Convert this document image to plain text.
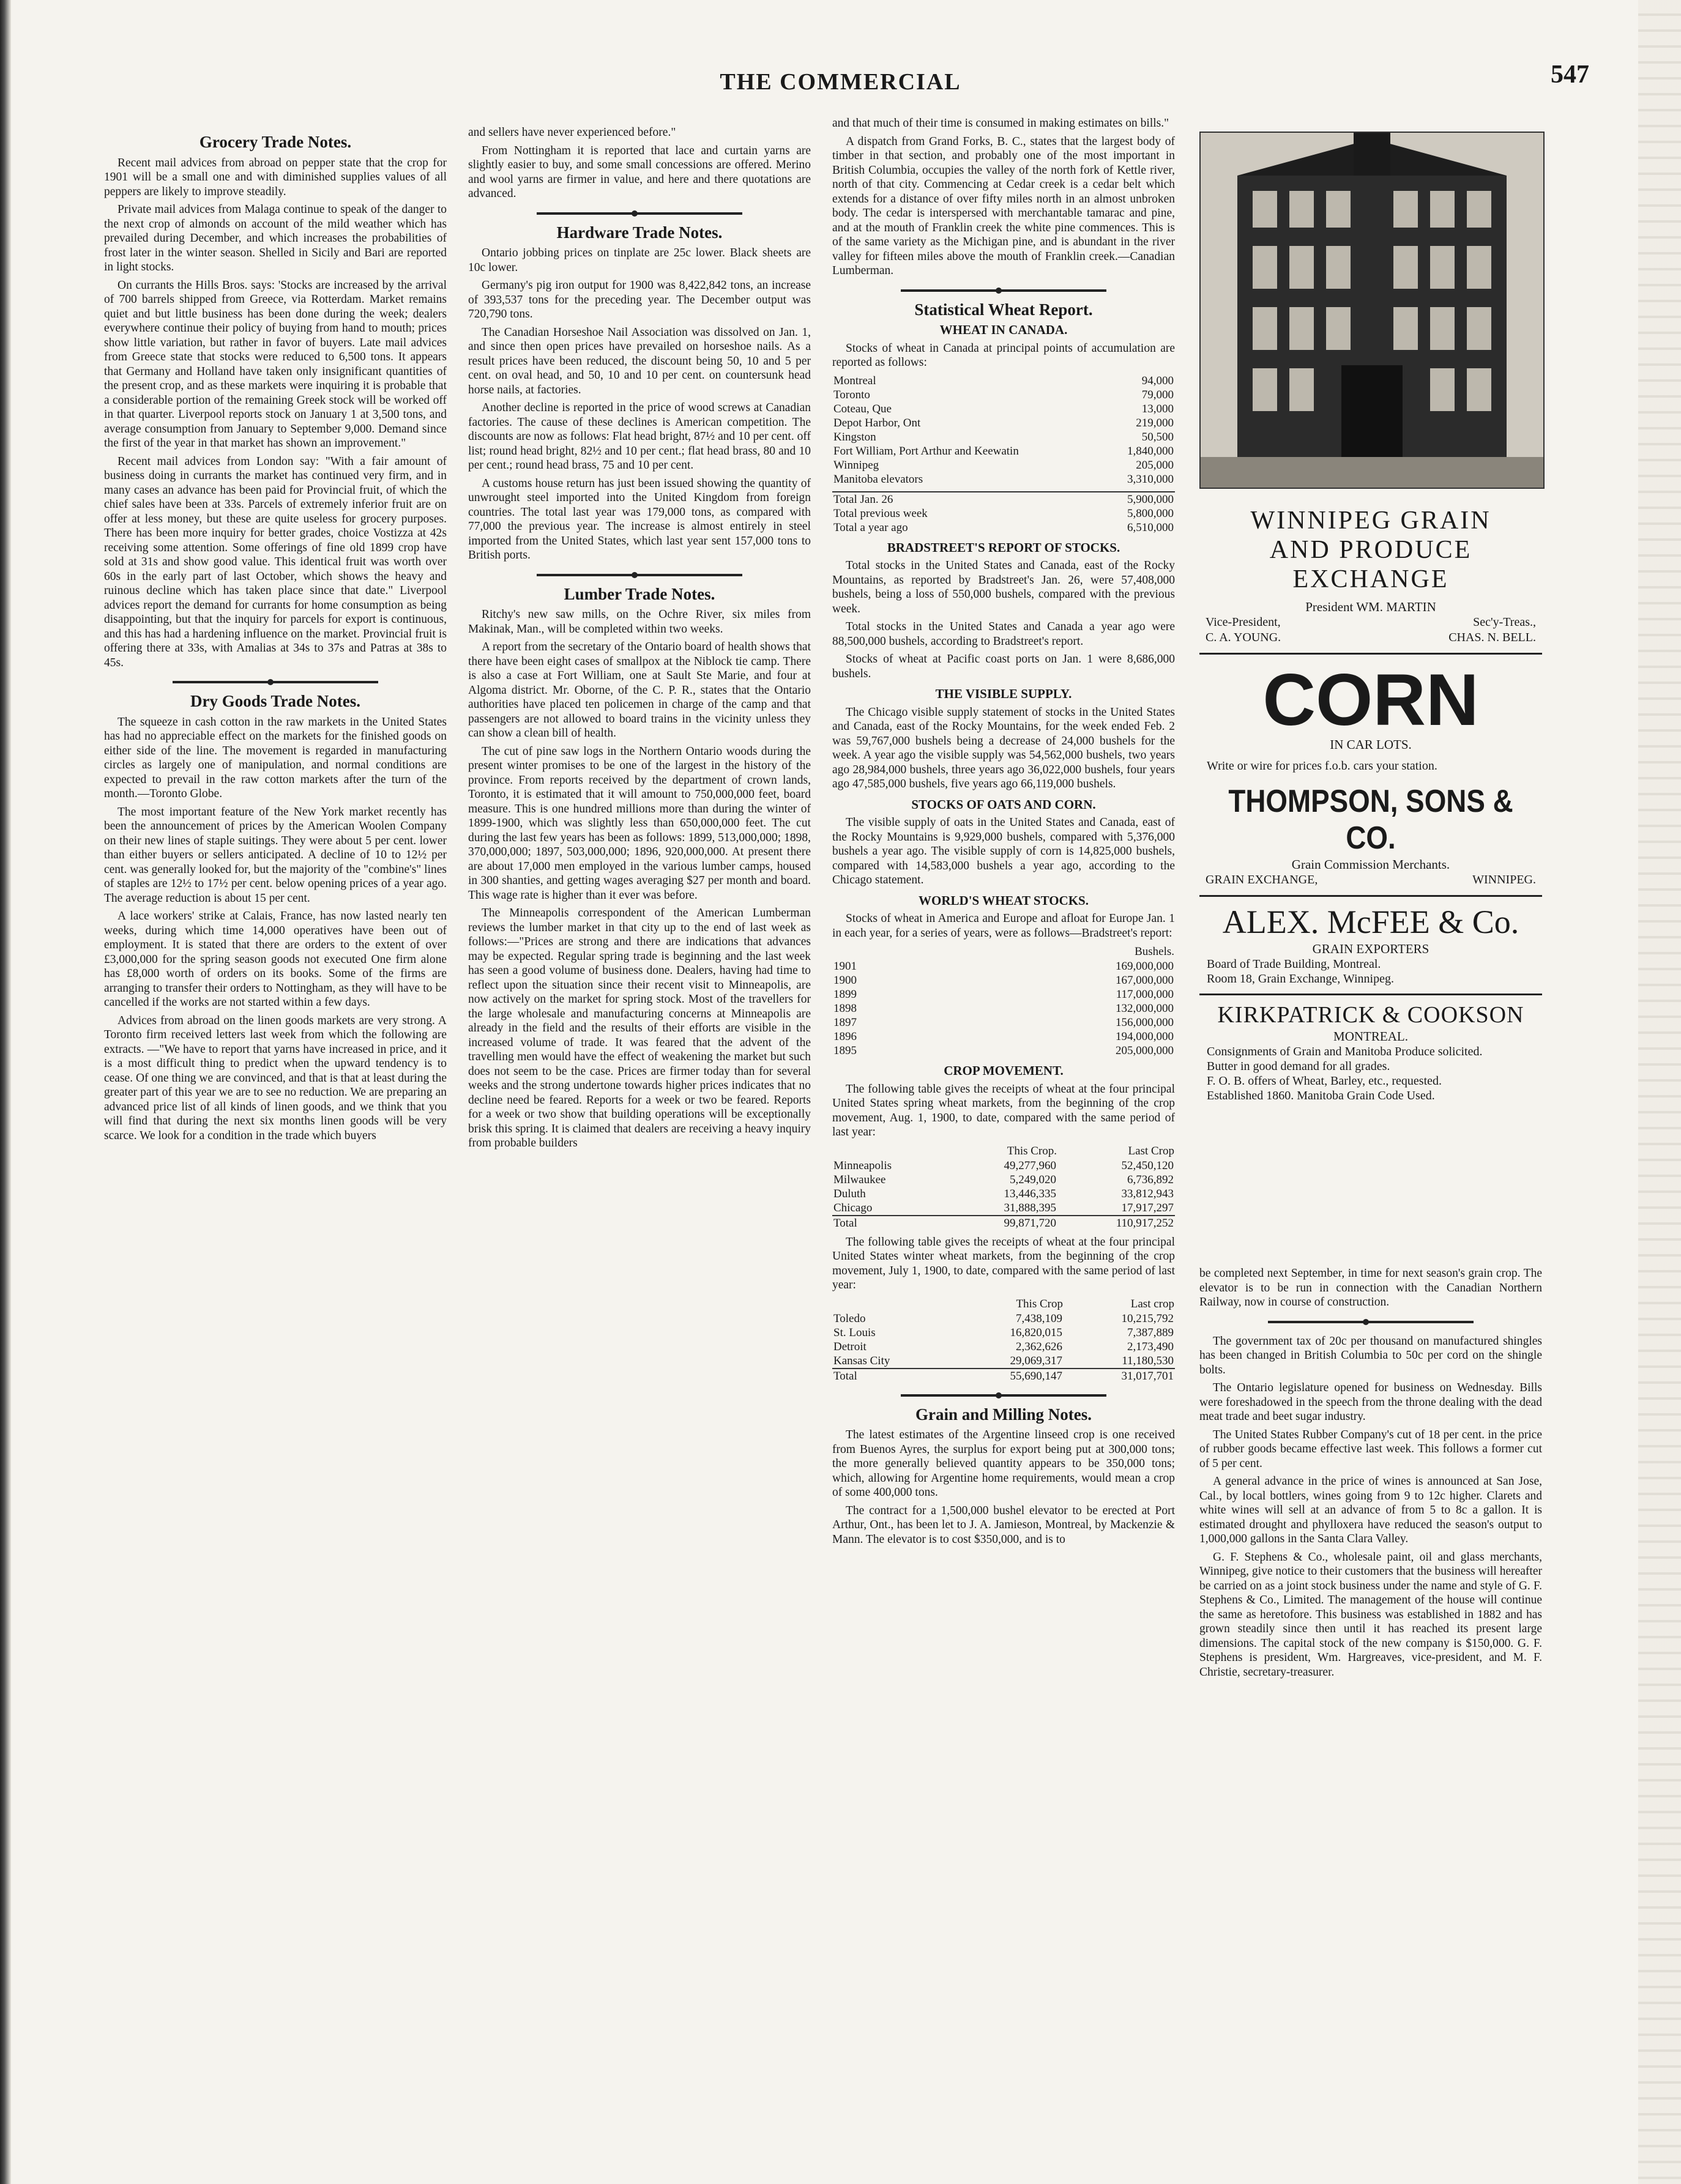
THE COMMERCIAL	547
Grocery Trade Notes.

Recent mail advices from abroad on pepper state that the crop for 1901 will be a small one and with diminished supplies values of all peppers are likely to improve steadily.

Private mail advices from Malaga continue to speak of the danger to the next crop of almonds on account of the mild weather which has prevailed during December, and which increases the probabilities of frost later in the winter season. Shelled in Sicily and Bari are reported in light stocks.

On currants the Hills Bros. says: 'Stocks are increased by the arrival of 700 barrels shipped from Greece, via Rotterdam. Market remains quiet and but little business has been done during the week; dealers everywhere continue their policy of buying from hand to mouth; prices show little variation, but rather in favor of buyers. Late mail advices from Greece state that stocks were reduced to 6,500 tons. It appears that Germany and Holland have taken only insignificant quantities of the present crop, and as these markets were inquiring it is probable that a considerable portion of the remaining Greek stock will be worked off in that quarter. Liverpool reports stock on January 1 at 3,500 tons, and average consumption from January to September 9,000. Demand since the first of the year in that market has shown an improvement."

Recent mail advices from London say: "With a fair amount of business doing in currants the market has continued very firm, and in many cases an advance has been paid for Provincial fruit, of which the chief sales have been at 33s. Parcels of extremely inferior fruit are on offer at less money, but these are quite useless for grocery purposes. There has been more inquiry for better grades, choice Vostizza at 42s receiving some attention. Some offerings of fine old 1899 crop have sold at 31s and show good value. This identical fruit was worth over 60s in the early part of last October, which shows the heavy and ruinous decline which has taken place since that date." Liverpool advices report the demand for currants for home consumption as being disappointing, but that the inquiry for parcels for export is continuous, and this has had a hardening influence on the market. Provincial fruit is offering there at 33s, with Amalias at 34s to 37s and Patras at 38s to 45s.

Dry Goods Trade Notes.

The squeeze in cash cotton in the raw markets in the United States has had no appreciable effect on the markets for the finished goods on either side of the line. The movement is regarded in manufacturing circles as largely one of manipulation, and normal conditions are expected to prevail in the raw cotton markets after the turn of the month.—Toronto Globe.

The most important feature of the New York market recently has been the announcement of prices by the American Woolen Company on their new lines of staple suitings. They were about 5 per cent. lower than either buyers or sellers anticipated. A decline of 10 to 12½ per cent. was generally looked for, but the majority of the "combine's" lines of staples are 12½ to 17½ per cent. below opening prices of a year ago. The average reduction is about 15 per cent.

A lace workers' strike at Calais, France, has now lasted nearly ten weeks, during which time 14,000 operatives have been out of employment. It is stated that there are orders to the extent of over £3,000,000 for the spring season goods not executed One firm alone has £8,000 worth of orders on its books. Some of the firms are arranging to transfer their orders to Nottingham, as they will have to be cancelled if the works are not started within a few days.

Advices from abroad on the linen goods markets are very strong. A Toronto firm received letters last week from which the following are extracts. —"We have to report that yarns have increased in price, and it is a most difficult thing to predict when the upward tendency is to cease. Of one thing we are convinced, and that is that at least during the greater part of this year we are to see no reduction. We are preparing an advanced price list of all kinds of linen goods, and we think that you will find that during the next six months linen goods will be very scarce. We look for a condition in the trade which buyers

and sellers have never experienced before."

From Nottingham it is reported that lace and curtain yarns are slightly easier to buy, and some small concessions are offered. Merino and wool yarns are firmer in value, and here and there quotations are advanced.

Hardware Trade Notes.

Ontario jobbing prices on tinplate are 25c lower. Black sheets are 10c lower.

Germany's pig iron output for 1900 was 8,422,842 tons, an increase of 393,537 tons for the preceding year. The December output was 720,790 tons.

The Canadian Horseshoe Nail Association was dissolved on Jan. 1, and since then open prices have prevailed on horseshoe nails. As a result prices have been reduced, the discount being 50, 10 and 5 per cent. on oval head, and 50, 10 and 10 per cent. on countersunk head horse nails, at factories.

Another decline is reported in the price of wood screws at Canadian factories. The cause of these declines is American competition. The discounts are now as follows: Flat head bright, 87½ and 10 per cent. off list; round head bright, 82½ and 10 per cent.; flat head brass, 80 and 10 per cent.; round head brass, 75 and 10 per cent.

A customs house return has just been issued showing the quantity of unwrought steel imported into the United Kingdom from foreign countries. The total last year was 179,000 tons, as compared with 77,000 the previous year. The increase is almost entirely in steel imported from the United States, which last year sent 157,000 tons to British ports.

Lumber Trade Notes.

Ritchy's new saw mills, on the Ochre River, six miles from Makinak, Man., will be completed within two weeks.

A report from the secretary of the Ontario board of health shows that there have been eight cases of smallpox at the Niblock tie camp. There is also a case at Fort William, one at Sault Ste Marie, and four at Algoma district. Mr. Oborne, of the C. P. R., states that the Ontario authorities have placed ten policemen in charge of the camp and that passengers are not allowed to board trains in the vicinity unless they can show a clean bill of health.

The cut of pine saw logs in the Northern Ontario woods during the present winter promises to be one of the largest in the history of the province. From reports received by the department of crown lands, Toronto, it is estimated that it will amount to 750,000,000 feet, board measure. This is one hundred millions more than during the winter of 1899-1900, which was slightly less than 650,000,000 feet. The cut during the last few years has been as follows: 1899, 513,000,000; 1898, 370,000,000; 1897, 503,000,000; 1896, 920,000,000. At present there are about 17,000 men employed in the various lumber camps, housed in 300 shanties, and getting wages averaging $27 per month and board. This wage rate is higher than it ever was before.

The Minneapolis correspondent of the American Lumberman reviews the lumber market in that city up to the end of last week as follows:—"Prices are strong and there are indications that advances may be expected. Regular spring trade is beginning and the last week has seen a good volume of business done. Dealers, having had time to reflect upon the situation since their recent visit to Minneapolis, are now actively on the market for spring stock. Most of the travellers for the large wholesale and manufacturing concerns at Minneapolis are already in the field and the results of their efforts are visible in the increased volume of trade. It was feared that the advent of the travelling men would have the effect of weakening the market but such does not seem to be the case. Prices are firmer today than for several weeks and the strong undertone towards higher prices indicates that no decline need be feared. Reports for a week or two be feared. Reports for a week or two show that building operations will be exceptionally brisk this spring. It is claimed that dealers are receiving a heavy inquiry from probable builders

and that much of their time is consumed in making estimates on bills."

A dispatch from Grand Forks, B. C., states that the largest body of timber in that section, and probably one of the most important in British Columbia, occupies the valley of the north fork of Kettle river, north of that city. Commencing at Cedar creek is a cedar belt which extends for a distance of over fifty miles north in an almost unbroken body. The cedar is interspersed with merchantable tamarac and pine, and at the mouth of Franklin creek the white pine commences. This is of the same variety as the Michigan pine, and is abundant in the river valley for fifteen miles above the mouth of Franklin creek.—Canadian Lumberman.

Statistical Wheat Report.
WHEAT IN CANADA.

Stocks of wheat in Canada at principal points of accumulation are reported as follows:

Montreal	94,000
Toronto	79,000
Coteau, Que	13,000
Depot Harbor, Ont	219,000
Kingston	50,500
Fort William, Port Arthur and Keewatin	1,840,000
Winnipeg	205,000
Manitoba elevators	3,310,000
Total Jan. 26	5,900,000
Total previous week	5,800,000
Total a year ago	6,510,000
BRADSTREET'S REPORT OF STOCKS.

Total stocks in the United States and Canada, east of the Rocky Mountains, as reported by Bradstreet's Jan. 26, were 57,408,000 bushels, being a loss of 550,000 bushels, compared with the previous week.

Total stocks in the United States and Canada a year ago were 88,500,000 bushels, according to Bradstreet's report.

Stocks of wheat at Pacific coast ports on Jan. 1 were 8,686,000 bushels.

THE VISIBLE SUPPLY.

The Chicago visible supply statement of stocks in the United States and Canada, east of the Rocky Mountains, for the week ended Feb. 2 was 59,767,000 bushels being a decrease of 24,000 bushels for the week. A year ago the visible supply was 54,562,000 bushels, two years ago 28,984,000 bushels, three years ago 36,022,000 bushels, four years ago 47,585,000 bushels, five years ago 66,119,000 bushels.

STOCKS OF OATS AND CORN.

The visible supply of oats in the United States and Canada, east of the Rocky Mountains is 9,929,000 bushels, compared with 5,376,000 bushels a year ago. The visible supply of corn is 14,825,000 bushels, compared with 14,583,000 bushels a year ago, according to the Chicago statement.

WORLD'S WHEAT STOCKS.

Stocks of wheat in America and Europe and afloat for Europe Jan. 1 in each year, for a series of years, were as follows—Bradstreet's report:

	Bushels.
1901	169,000,000
1900	167,000,000
1899	117,000,000
1898	132,000,000
1897	156,000,000
1896	194,000,000
1895	205,000,000
CROP MOVEMENT.

The following table gives the receipts of wheat at the four principal United States spring wheat markets, from the beginning of the crop movement, Aug. 1, 1900, to date, compared with the same period of last year:

	This Crop.	Last Crop
Minneapolis	49,277,960	52,450,120
Milwaukee	5,249,020	6,736,892
Duluth	13,446,335	33,812,943
Chicago	31,888,395	17,917,297
Total	99,871,720	110,917,252

The following table gives the receipts of wheat at the four principal United States winter wheat markets, from the beginning of the crop movement, July 1, 1900, to date, compared with the same period of last year:

	This Crop	Last crop
Toledo	7,438,109	10,215,792
St. Louis	16,820,015	7,387,889
Detroit	2,362,626	2,173,490
Kansas City	29,069,317	11,180,530
Total	55,690,147	31,017,701
Grain and Milling Notes.

The latest estimates of the Argentine linseed crop is one received from Buenos Ayres, the surplus for export being put at 300,000 tons; the more generally believed quantity appears to be 350,000 tons; which, allowing for Argentine home requirements, would mean a crop of some 400,000 tons.

The contract for a 1,500,000 bushel elevator to be erected at Port Arthur, Ont., has been let to J. A. Jamieson, Montreal, by Mackenzie & Mann. The elevator is to cost $350,000, and is to

WINNIPEG GRAIN
AND PRODUCE EXCHANGE
President WM. MARTIN
Vice-President,	Sec'y-Treas.,
C. A. YOUNG.	CHAS. N. BELL.
CORN
IN CAR LOTS.
Write or wire for prices f.o.b. cars your station.
THOMPSON, SONS & CO.
Grain Commission Merchants.
GRAIN EXCHANGE,	WINNIPEG.
ALEX. McFEE & Co.
GRAIN EXPORTERS
Board of Trade Building, Montreal.
Room 18, Grain Exchange, Winnipeg.
KIRKPATRICK & COOKSON
MONTREAL.
Consignments of Grain and Manitoba Produce solicited.
Butter in good demand for all grades.
F. O. B. offers of Wheat, Barley, etc., requested.
Established 1860. Manitoba Grain Code Used.

be completed next September, in time for next season's grain crop. The elevator is to be run in connection with the Canadian Northern Railway, now in course of construction.

The government tax of 20c per thousand on manufactured shingles has been changed in British Columbia to 50c per cord on the shingle bolts.

The Ontario legislature opened for business on Wednesday. Bills were foreshadowed in the speech from the throne dealing with the dead meat trade and beet sugar industry.

The United States Rubber Company's cut of 18 per cent. in the price of rubber goods became effective last week. This follows a former cut of 5 per cent.

A general advance in the price of wines is announced at San Jose, Cal., by local bottlers, wines going from 9 to 12c higher. Clarets and white wines will sell at an advance of from 5 to 8c a gallon. It is estimated drought and phylloxera have reduced the season's output to 1,000,000 gallons in the Santa Clara Valley.

G. F. Stephens & Co., wholesale paint, oil and glass merchants, Winnipeg, give notice to their customers that the business will hereafter be carried on as a joint stock business under the name and style of G. F. Stephens & Co., Limited. The management of the house will continue the same as heretofore. This business was established in 1882 and has grown steadily since then until it has reached its present large dimensions. The capital stock of the new company is $150,000. G. F. Stephens is president, Wm. Hargreaves, vice-president, and M. F. Christie, secretary-treasurer.
